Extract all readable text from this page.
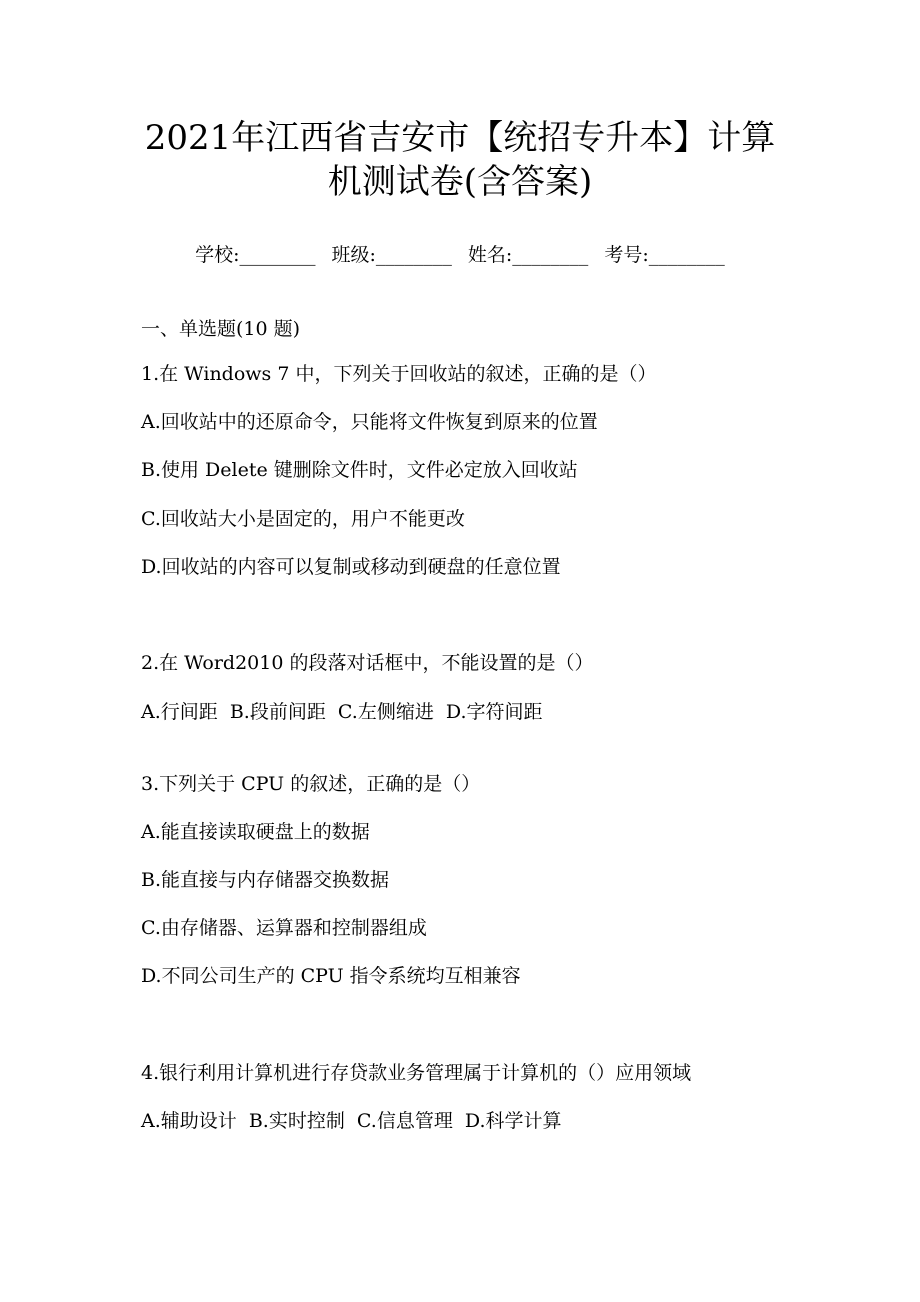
2021年江西省吉安市【统招专升本】计算
机测试卷(含答案)

学校:________ 班级:________ 姓名:________ 考号:________

一、单选题(10 题)
1.在 Windows 7 中，下列关于回收站的叙述，正确的是（）
A.回收站中的还原命令，只能将文件恢复到原来的位置
B.使用 Delete 键删除文件时，文件必定放入回收站
C.回收站大小是固定的，用户不能更改
D.回收站的内容可以复制或移动到硬盘的任意位置
2.在 Word2010 的段落对话框中，不能设置的是（）
A.行间距  B.段前间距  C.左侧缩进  D.字符间距
3.下列关于 CPU 的叙述，正确的是（）
A.能直接读取硬盘上的数据
B.能直接与内存储器交换数据
C.由存储器、运算器和控制器组成
D.不同公司生产的 CPU 指令系统均互相兼容
4.银行利用计算机进行存贷款业务管理属于计算机的（）应用领域
A.辅助设计  B.实时控制  C.信息管理  D.科学计算
